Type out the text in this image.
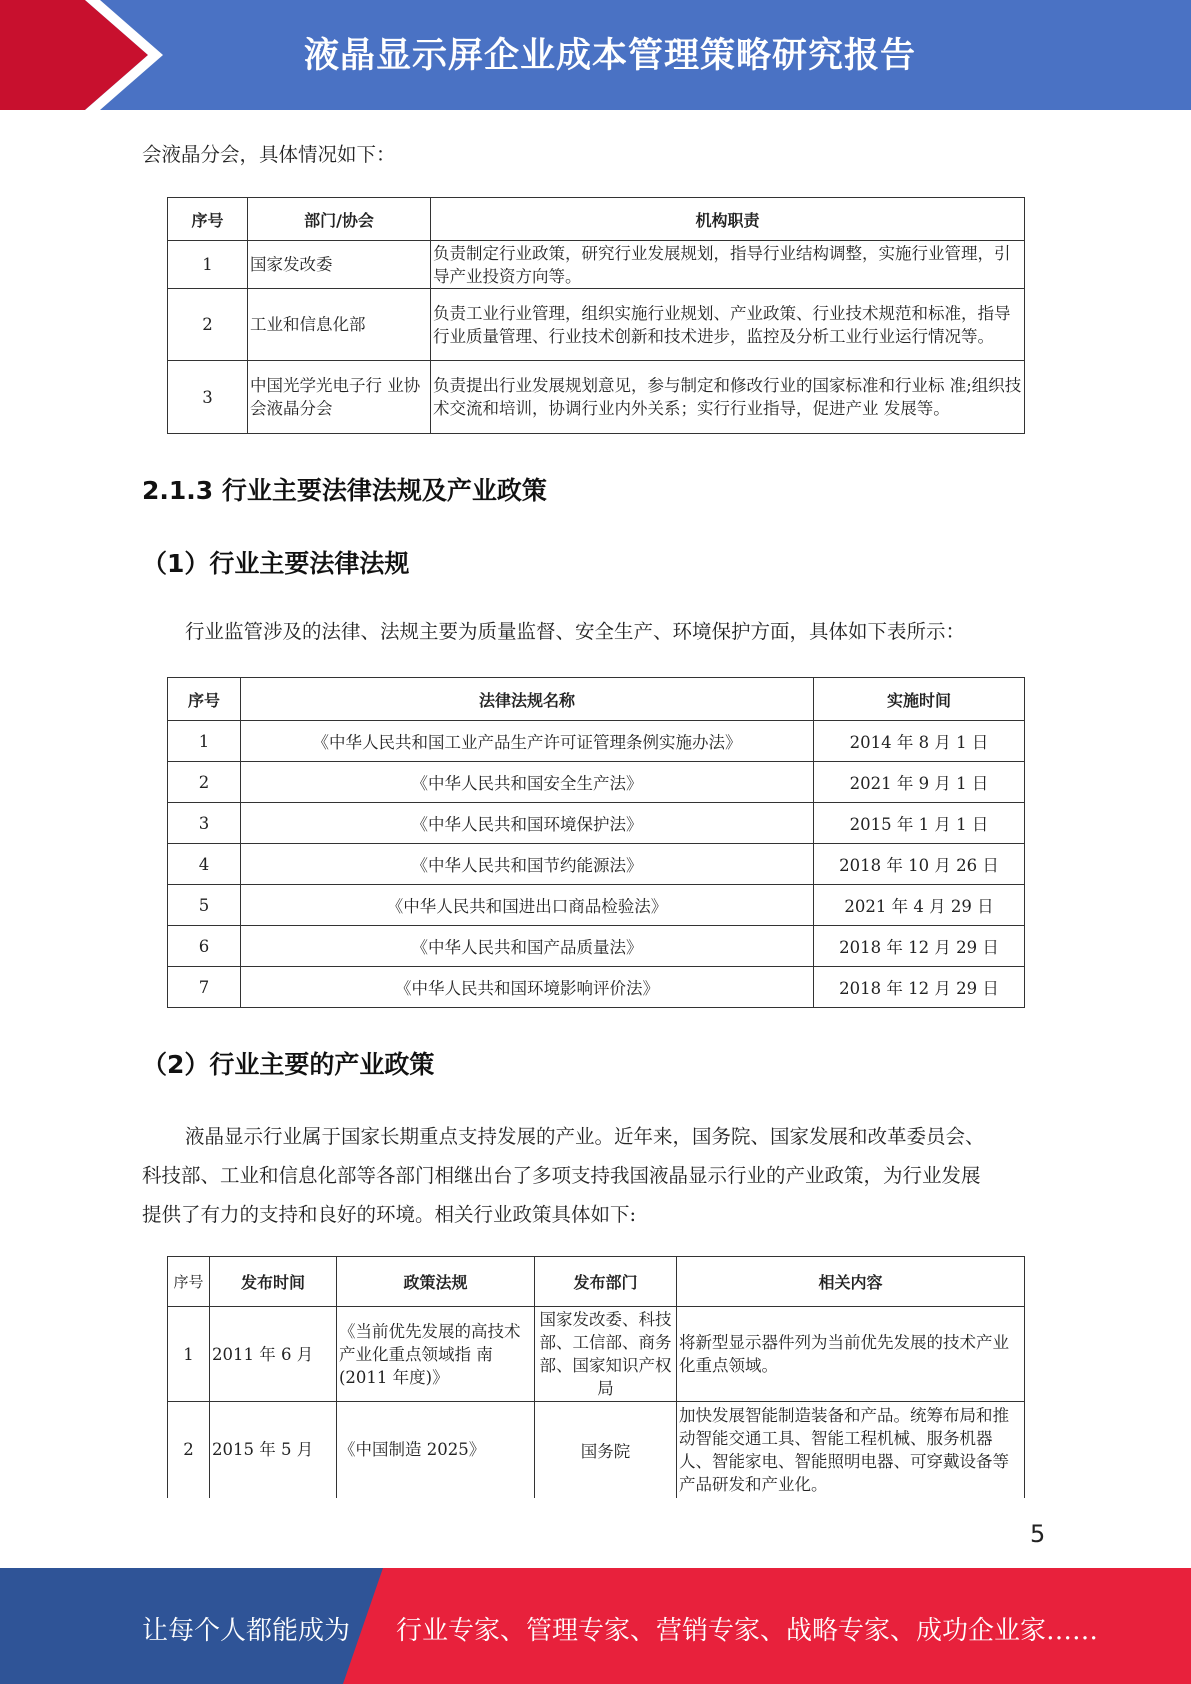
液晶显示屏企业成本管理策略研究报告
会液晶分会，具体情况如下：
序号	部门/协会	机构职责
1	国家发改委	负责制定行业政策，研究行业发展规划，指导行业结构调整，实施行业管理，引导产业投资方向等。
2	工业和信息化部	负责工业行业管理，组织实施行业规划、产业政策、行业技术规范和标准，指导行业质量管理、行业技术创新和技术进步，监控及分析工业行业运行情况等。
3	中国光学光电子行 业协会液晶分会	负责提出行业发展规划意见，参与制定和修改行业的国家标准和行业标 准;组织技术交流和培训，协调行业内外关系；实行行业指导，促进产业 发展等。
2.1.3 行业主要法律法规及产业政策
（1）行业主要法律法规
行业监管涉及的法律、法规主要为质量监督、安全生产、环境保护方面，具体如下表所示：
序号	法律法规名称	实施时间
1	《中华人民共和国工业产品生产许可证管理条例实施办法》	2014 年 8 月 1 日
2	《中华人民共和国安全生产法》	2021 年 9 月 1 日
3	《中华人民共和国环境保护法》	2015 年 1 月 1 日
4	《中华人民共和国节约能源法》	2018 年 10 月 26 日
5	《中华人民共和国进出口商品检验法》	2021 年 4 月 29 日
6	《中华人民共和国产品质量法》	2018 年 12 月 29 日
7	《中华人民共和国环境影响评价法》	2018 年 12 月 29 日
（2）行业主要的产业政策
液晶显示行业属于国家长期重点支持发展的产业。近年来，国务院、国家发展和改革委员会、
科技部、工业和信息化部等各部门相继出台了多项支持我国液晶显示行业的产业政策，为行业发展
提供了有力的支持和良好的环境。相关行业政策具体如下:
序号	发布时间	政策法规	发布部门	相关内容
1	2011 年 6 月	《当前优先发展的高技术产业化重点领域指 南(2011 年度)》	国家发改委、科技部、工信部、商务部、国家知识产权局	将新型显示器件列为当前优先发展的技术产业化重点领域。
2	2015 年 5 月	《中国制造 2025》	国务院	加快发展智能制造装备和产品。统筹布局和推动智能交通工具、智能工程机械、服务机器人、智能家电、智能照明电器、可穿戴设备等产品研发和产业化。
5
让每个人都能成为 行业专家、管理专家、营销专家、战略专家、成功企业家……
